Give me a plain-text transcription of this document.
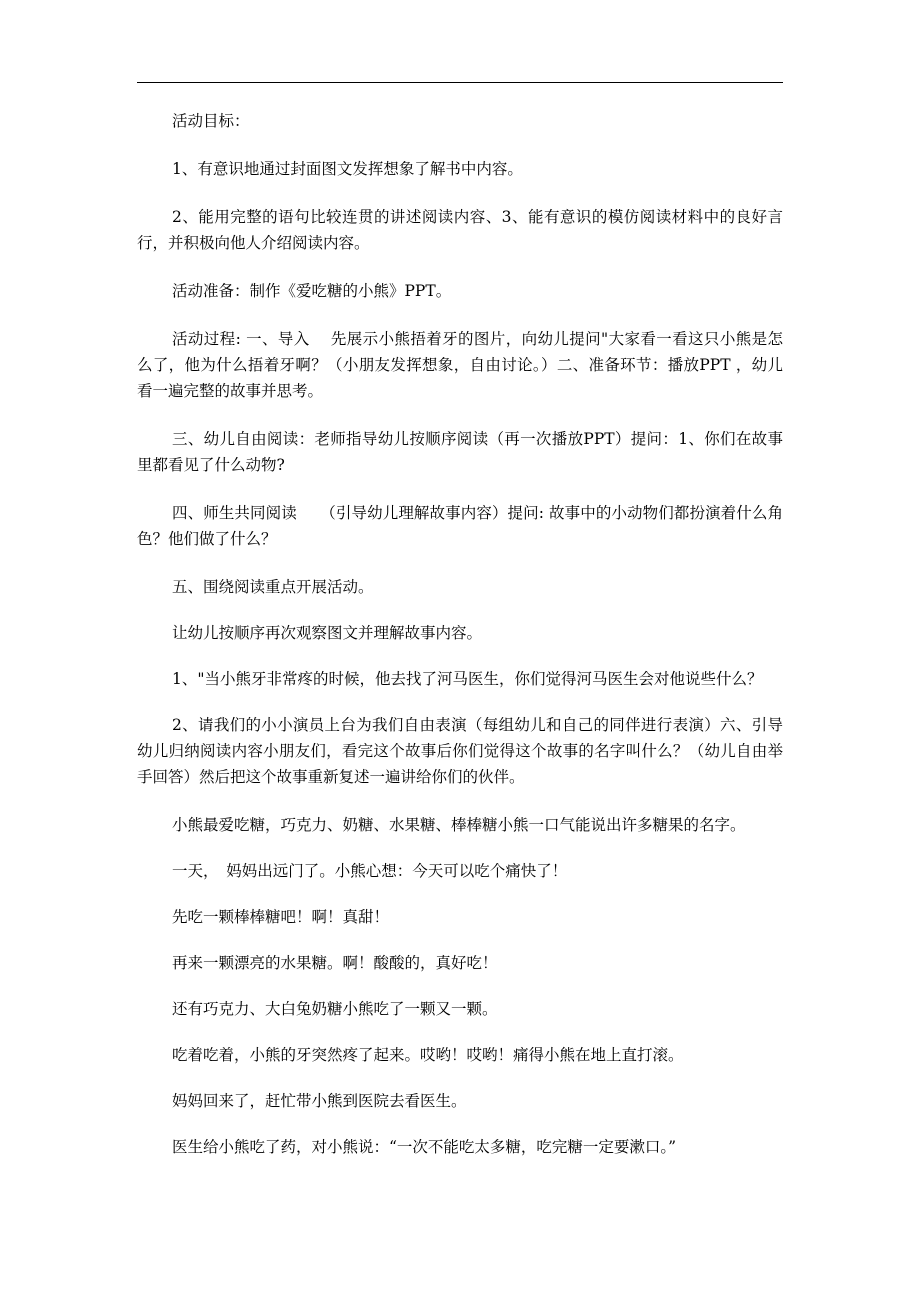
活动目标：

1、有意识地通过封面图文发挥想象了解书中内容。

2、能用完整的语句比较连贯的讲述阅读内容、3、能有意识的模仿阅读材料中的良好言行，并积极向他人介绍阅读内容。

活动准备：制作《爱吃糖的小熊》PPT。

活动过程: 一、导入　 先展示小熊捂着牙的图片，向幼儿提问"大家看一看这只小熊是怎么了，他为什么捂着牙啊？（小朋友发挥想象，自由讨论。）二、准备环节：播放PPT ，幼儿看一遍完整的故事并思考。

三、幼儿自由阅读：老师指导幼儿按顺序阅读（再一次播放PPT）提问：1、你们在故事里都看见了什么动物?

四、师生共同阅读　　（引导幼儿理解故事内容）提问: 故事中的小动物们都扮演着什么角色？他们做了什么？

五、围绕阅读重点开展活动。

让幼儿按顺序再次观察图文并理解故事内容。

1、"当小熊牙非常疼的时候，他去找了河马医生，你们觉得河马医生会对他说些什么？

2、请我们的小小演员上台为我们自由表演（每组幼儿和自己的同伴进行表演）六、引导幼儿归纳阅读内容小朋友们，看完这个故事后你们觉得这个故事的名字叫什么？（幼儿自由举手回答）然后把这个故事重新复述一遍讲给你们的伙伴。

小熊最爱吃糖，巧克力、奶糖、水果糖、棒棒糖小熊一口气能说出许多糖果的名字。

一天，　妈妈出远门了。小熊心想：今天可以吃个痛快了！

先吃一颗棒棒糖吧！啊！真甜！

再来一颗漂亮的水果糖。啊！酸酸的，真好吃！

还有巧克力、大白兔奶糖小熊吃了一颗又一颗。

吃着吃着，小熊的牙突然疼了起来。哎哟！哎哟！痛得小熊在地上直打滚。

妈妈回来了，赶忙带小熊到医院去看医生。

医生给小熊吃了药，对小熊说：“一次不能吃太多糖，吃完糖一定要漱口。”
